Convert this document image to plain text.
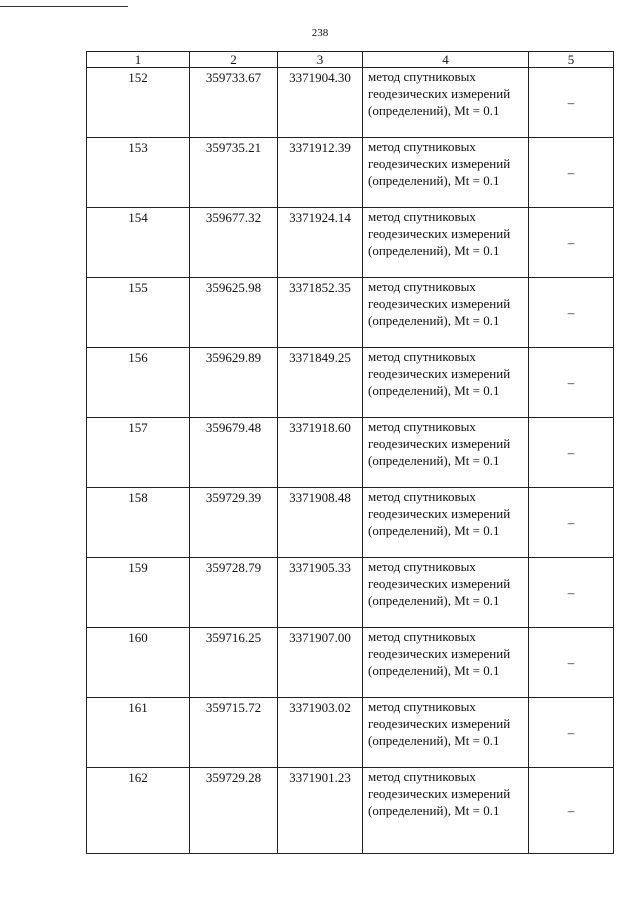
238
1	2	3	4	5
152	359733.67	3371904.30	метод спутниковых геодезических измерений (определений), Mt = 0.1	–
153	359735.21	3371912.39	метод спутниковых геодезических измерений (определений), Mt = 0.1	–
154	359677.32	3371924.14	метод спутниковых геодезических измерений (определений), Mt = 0.1	–
155	359625.98	3371852.35	метод спутниковых геодезических измерений (определений), Mt = 0.1	–
156	359629.89	3371849.25	метод спутниковых геодезических измерений (определений), Mt = 0.1	–
157	359679.48	3371918.60	метод спутниковых геодезических измерений (определений), Mt = 0.1	–
158	359729.39	3371908.48	метод спутниковых геодезических измерений (определений), Mt = 0.1	–
159	359728.79	3371905.33	метод спутниковых геодезических измерений (определений), Mt = 0.1	–
160	359716.25	3371907.00	метод спутниковых геодезических измерений (определений), Mt = 0.1	–
161	359715.72	3371903.02	метод спутниковых геодезических измерений (определений), Mt = 0.1	–
162	359729.28	3371901.23	метод спутниковых геодезических измерений (определений), Mt = 0.1	–
